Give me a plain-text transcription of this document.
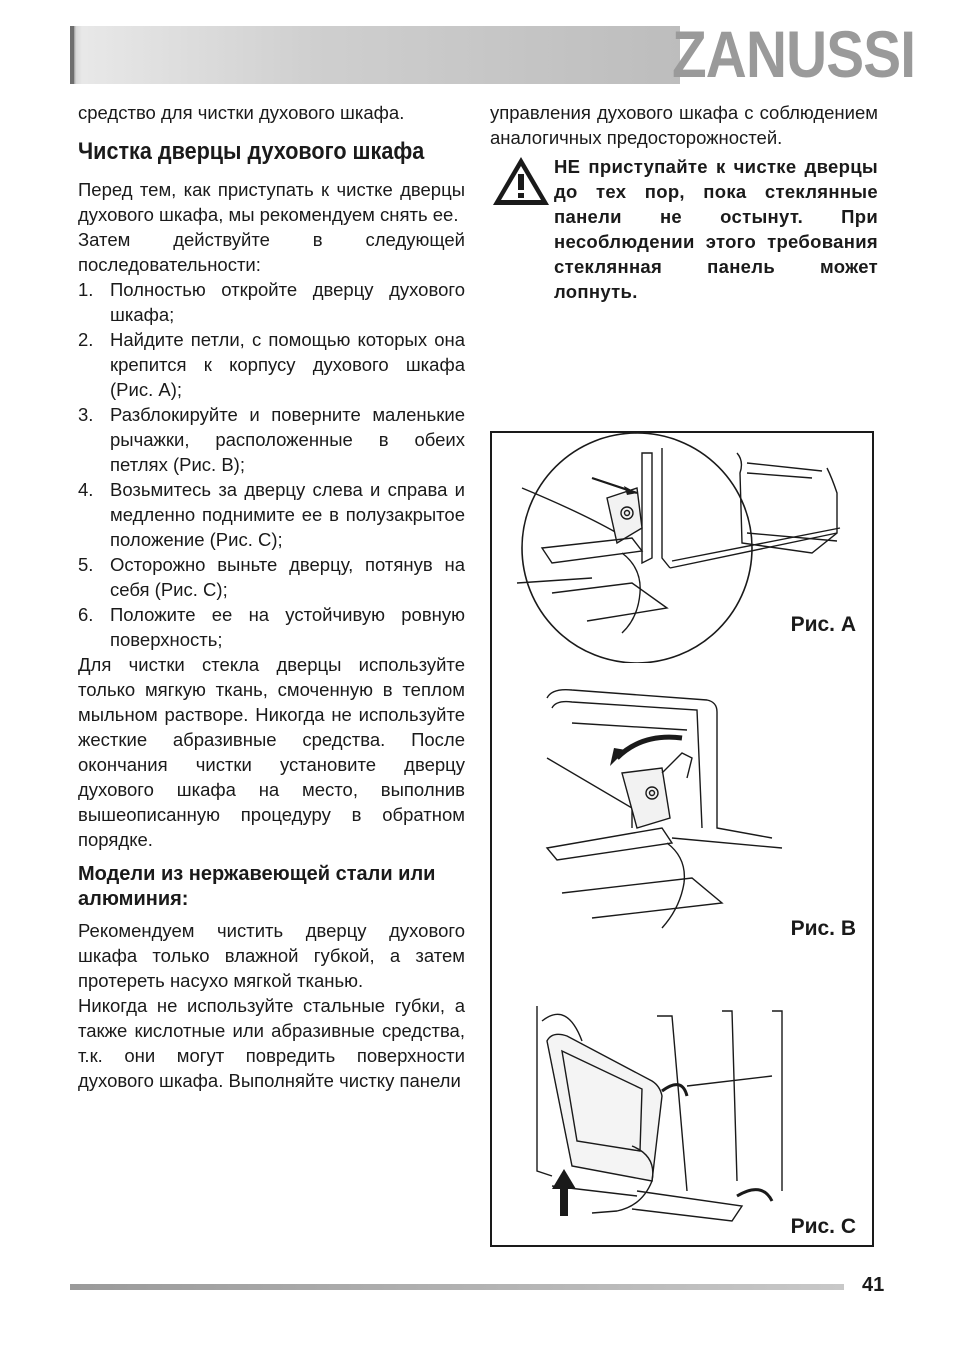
ZANUSSI

средство для чистки духового шкафа.

Чистка дверцы духового шкафа

Перед тем, как приступать к чистке дверцы духового шкафа, мы рекомендуем снять ее.

Затем действуйте в следующей последовательности:

1. Полностью откройте дверцу духового шкафа;
2. Найдите петли, с помощью которых она крепится к корпусу духового шкафа (Рис. A);
3. Разблокируйте и поверните маленькие рычажки, расположенные в обеих петлях (Рис. B);
4. Возьмитесь за дверцу слева и справа и медленно поднимите ее в полузакрытое положение (Рис. C);
5. Осторожно выньте дверцу, потянув на себя (Рис. C);
6. Положите ее на устойчивую ровную поверхность;

Для чистки стекла дверцы используйте только мягкую ткань, смоченную в теплом мыльном растворе. Никогда не используйте жесткие абразивные средства. После окончания чистки установите дверцу духового шкафа на место, выполнив вышеописанную процедуру в обратном порядке.

Модели из нержавеющей стали или алюминия:

Рекомендуем чистить дверцу духового шкафа только влажной губкой, а затем протереть насухо мягкой тканью.

Никогда не используйте стальные губки, а также кислотные или абразивные средства, т.к. они могут повредить поверхности духового шкафа. Выполняйте чистку панели

управления духового шкафа с соблюдением аналогичных предосторожностей.

НЕ приступайте к чистке дверцы до тех пор, пока стеклянные панели не остынут. При несоблюдении этого требования стеклянная панель может лопнуть.
Рис. A
Рис. B
Рис. C
41
